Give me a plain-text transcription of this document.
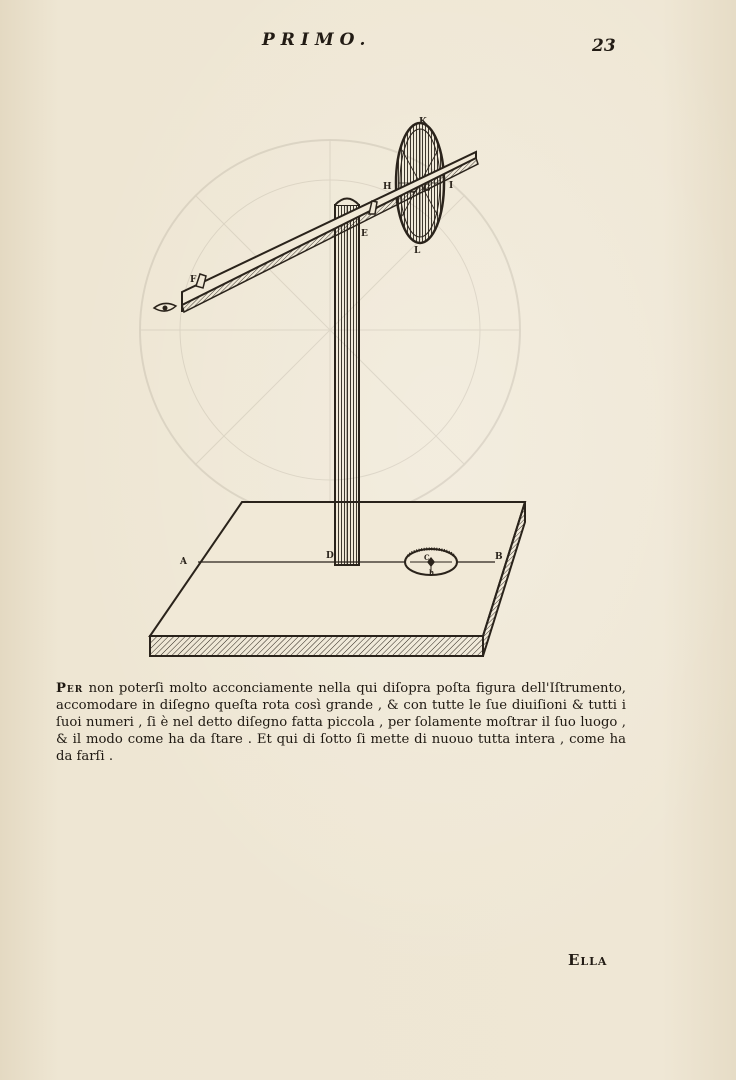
PRIMO.	23
K
H	G I
L
E
F
A
D	B
C
h
Per non poterſi molto acconciamente nella qui diſopra poſta figura dell'Iſtrumento, accomodare in diſegno queſta rota così grande , & con tutte le ſue diuiſioni & tutti i ſuoi numeri , ſi è nel detto diſegno fatta piccola , per ſolamente moſtrar il ſuo luogo , & il modo come ha da ſtare . Et qui di ſotto ſi mette di nuouo tutta intera , come ha da farſi .
Ella
